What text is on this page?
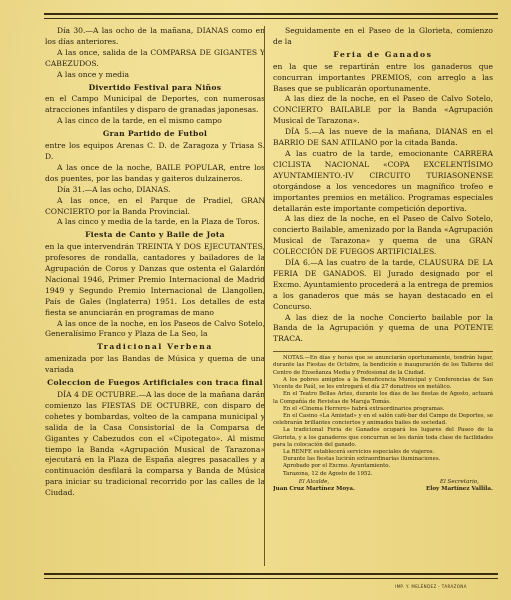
Día 30.—A las ocho de la mañana, DIANAS como en los días anteriores.

A las once, salida de la COMPARSA DE GIGANTES Y CABEZUDOS.

A las once y media

Divertido Festival para Niños

en el Campo Municipal de Deportes, con numerosas atracciones infantiles y disparo de granadas japonesas.

A las cinco de la tarde, en el mismo campo

Gran Partido de Futbol

entre los equipos Arenas C. D. de Zaragoza y Triasa S. D.

A las once de la noche, BAILE POPULAR, entre los dos puentes, por las bandas y gaiteros dulzaineros.

Día 31.—A las ocho, DIANAS.

A las once, en el Parque de Pradiel, GRAN CONCIERTO por la Banda Provincial.

A las cinco y media de la tarde, en la Plaza de Toros.

Fiesta de Canto y Baile de Jota

en la que intervendrán TREINTA Y DOS EJECUTANTES, profesores de rondalla, cantadores y bailadores de la Agrupación de Coros y Danzas que ostenta el Galardón Nacional 1946, Primer Premio Internacional de Madrid 1949 y Segundo Premio Internacional de Llangollen, País de Gales (Inglaterra) 1951. Los detalles de esta fiesta se anunciarán en programas de mano

A las once de la noche, en los Paseos de Calvo Sotelo, Generalísimo Franco y Plaza de La Seo, la

Tradicional Verbena

amenizada por las Bandas de Música y quema de una variada

Coleccion de Fuegos Artificiales con traca final

DÍA 4 DE OCTUBRE.—A las doce de la mañana darán comienzo las FIESTAS DE OCTUBRE, con disparo de cohetes y bombardas, volteo de la campana municipal y salida de la Casa Consistorial de la Comparsa de Gigantes y Cabezudos con el «Cipotegato». Al mismo tiempo la Banda «Agrupación Musical de Tarazona» ejecutará en la Plaza de España alegres pasacalles y a continuación desfilará la comparsa y Banda de Música para iniciar su tradicional recorrido por las calles de la Ciudad.

Seguidamente en el Paseo de la Glorieta, comienzo de la

Feria de Ganados

en la que se repartirán entre los ganaderos que concurran importantes PREMIOS, con arreglo a las Bases que se publicarán oportunamente.

A las diez de la noche, en el Paseo de Calvo Sotelo, CONCIERTO BAILABLE por la Banda «Agrupación Musical de Tarazona».

DÍA 5.—A las nueve de la mañana, DIANAS en el BARRIO DE SAN ATILANO por la citada Banda.

A las cuatro de la tarde, emocionante CARRERA CICLISTA NACIONAL «COPA EXCELENTÍSIMO AYUNTAMIENTO.-IV CIRCUITO TURIASONENSE otorgándose a los vencedores un magnífico trofeo e importantes premios en metálico. Programas especiales detallarán este importante competición deportiva.

A las diez de la noche, en el Paseo de Calvo Sotelo, concierto Bailable, amenizado por la Banda «Agrupación Musical de Tarazona» y quema de una GRAN COLECCIÓN DE FUEGOS ARTIFICIALES.

DÍA 6.—A las cuatro de la tarde, CLAUSURA DE LA FERIA DE GANADOS. El Jurado designado por el Excmo. Ayuntamiento procederá a la entrega de premios a los ganaderos que más se hayan destacado en el Concurso.

A las diez de la noche Concierto bailable por la Banda de la Agrupación y quema de una POTENTE TRACA.

NOTAS.—En días y horas que se anunciarán oportunamente, tendrán lugar, durante las Fiestas de Octubre, la bendición e inauguración de los Talleres del Centro de Enseñanza Media y Profesional de la Ciudad.

A los pobres amigdos a la Beneficencia Municipal y Conferencias de San Vicente de Paúl, se les entregará el día 27 donativos en metálico.

En el Teatro Bellas Artes, durante los días de las fiestas de Agosto, actuará la Compañía de Revistas de Maruja Tomás.

En el «Cinema Herrero» habrá extraordinarios programas.

En el Casino «La Amistad» y en el salón café-bar del Campo de Deportes, se celebrarán brillantes conciertos y animados bailes de sociedad.

La tradicional Feria de Ganados ocupará los lugares del Paseo de la Glorieta, y a los ganaderos que concurran se les darán toda clase de facilidades para la colocación del ganado.

La RENFE establecerá servicios especiales de viajeros.

Durante las fiestas lucirán extraordinarias iluminaciones.

Aprobado por el Excmo. Ayuntamiento.

Tarazona, 12 de Agosto de 1952.

El Alcalde,
Juan Cruz Martínez Moya.
El Secretario,
Eloy Martínez Vallila.
IMP. Y. MELÉNDEZ - TARAZONA
